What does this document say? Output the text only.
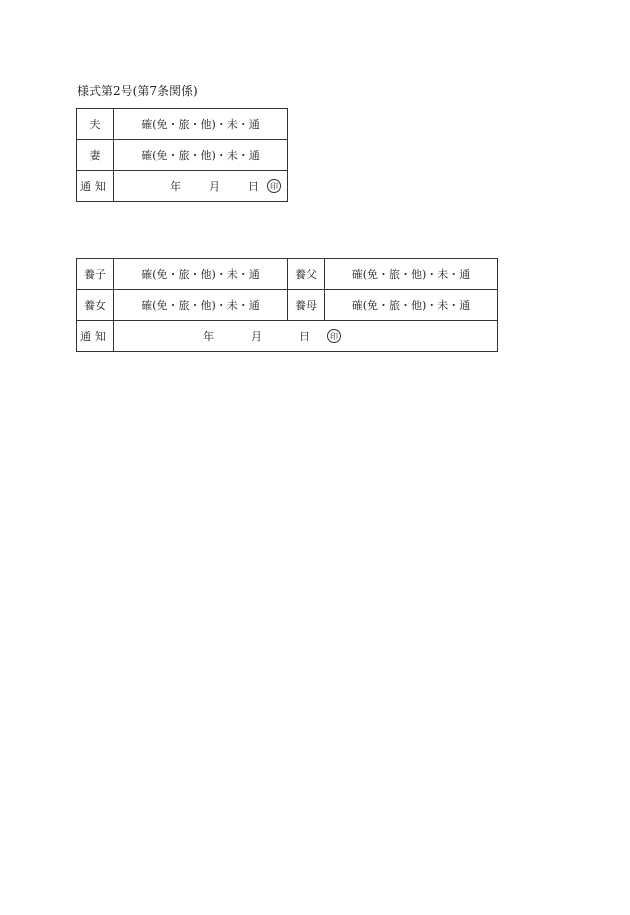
様式第2号(第7条関係)
夫	確(免・旅・他)・未・通
妻	確(免・旅・他)・未・通
通知	年 月 日 印
養子	確(免・旅・他)・未・通	養父	確(免・旅・他)・未・通
養女	確(免・旅・他)・未・通	養母	確(免・旅・他)・未・通
通知	年 月 日 印		
